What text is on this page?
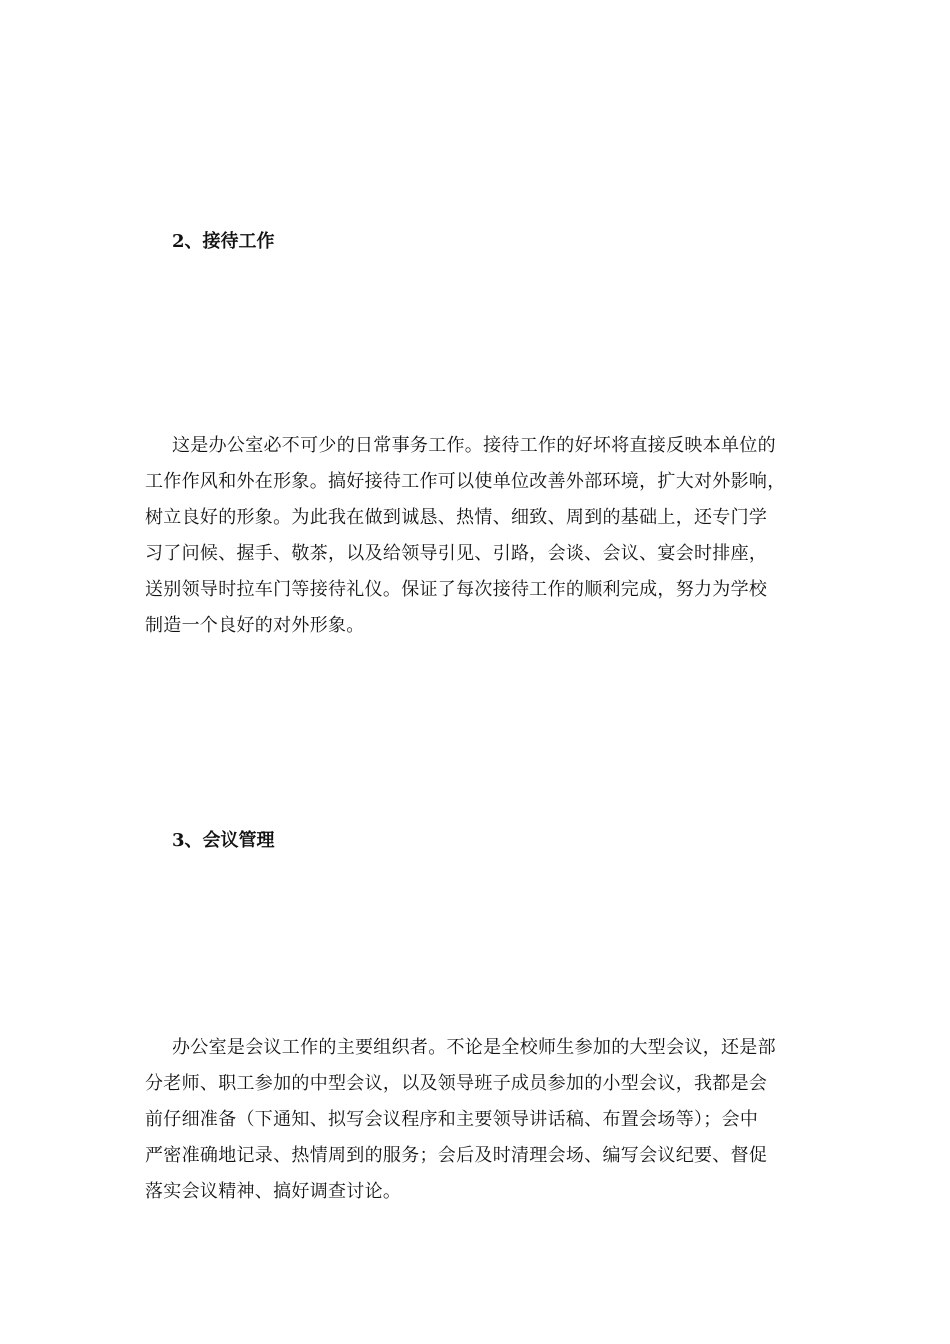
2、接待工作
这是办公室必不可少的日常事务工作。接待工作的好坏将直接反映本单位的
工作作风和外在形象。搞好接待工作可以使单位改善外部环境，扩大对外影响，
树立良好的形象。为此我在做到诚恳、热情、细致、周到的基础上，还专门学
习了问候、握手、敬茶，以及给领导引见、引路，会谈、会议、宴会时排座，
送别领导时拉车门等接待礼仪。保证了每次接待工作的顺利完成，努力为学校
制造一个良好的对外形象。
3、会议管理
办公室是会议工作的主要组织者。不论是全校师生参加的大型会议，还是部
分老师、职工参加的中型会议，以及领导班子成员参加的小型会议，我都是会
前仔细准备（下通知、拟写会议程序和主要领导讲话稿、布置会场等）；会中
严密准确地记录、热情周到的服务；会后及时清理会场、编写会议纪要、督促
落实会议精神、搞好调查讨论。
